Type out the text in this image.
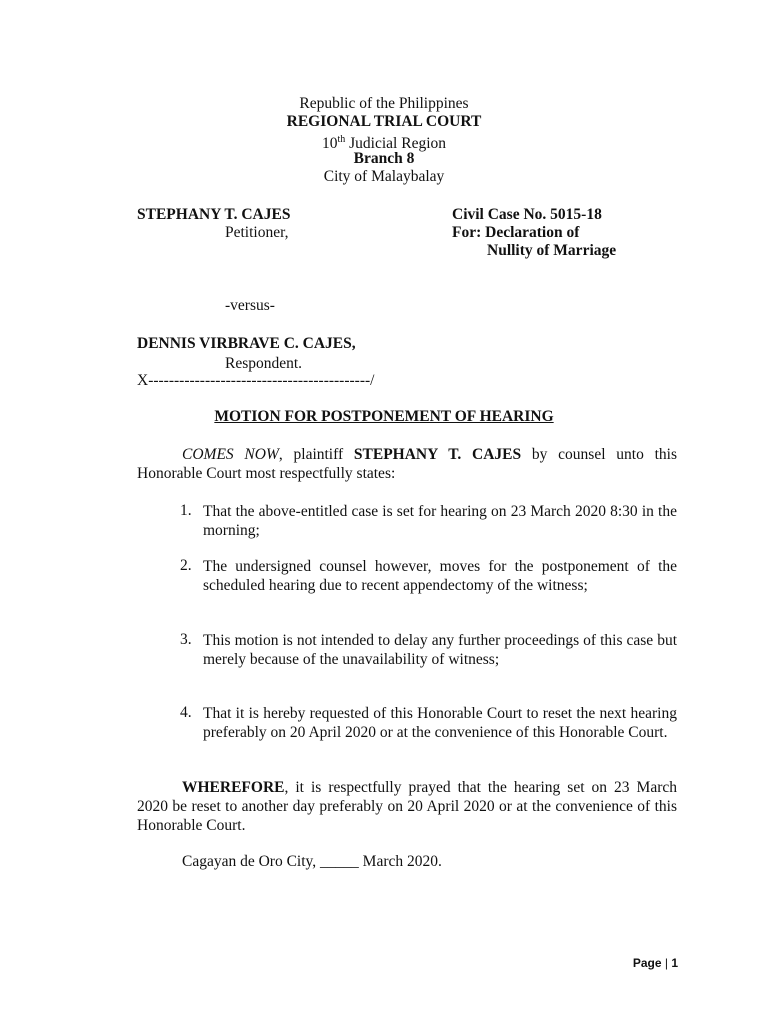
Republic of the Philippines
REGIONAL TRIAL COURT
10th Judicial Region
Branch 8
City of Malaybalay
STEPHANY T. CAJES
Petitioner,
Civil Case No. 5015-18
For: Declaration of
Nullity of Marriage
-versus-
DENNIS VIRBRAVE C. CAJES,
Respondent.
X-------------------------------------------/
MOTION FOR POSTPONEMENT OF HEARING
COMES NOW, plaintiff STEPHANY T. CAJES by counsel unto this Honorable Court most respectfully states:
1. That the above-entitled case is set for hearing on 23 March 2020 8:30 in the morning;
2. The undersigned counsel however, moves for the postponement of the scheduled hearing due to recent appendectomy of the witness;
3. This motion is not intended to delay any further proceedings of this case but merely because of the unavailability of witness;
4. That it is hereby requested of this Honorable Court to reset the next hearing preferably on 20 April 2020 or at the convenience of this Honorable Court.
WHEREFORE, it is respectfully prayed that the hearing set on 23 March 2020 be reset to another day preferably on 20 April 2020 or at the convenience of this Honorable Court.
Cagayan de Oro City, _____ March 2020.
Page | 1
